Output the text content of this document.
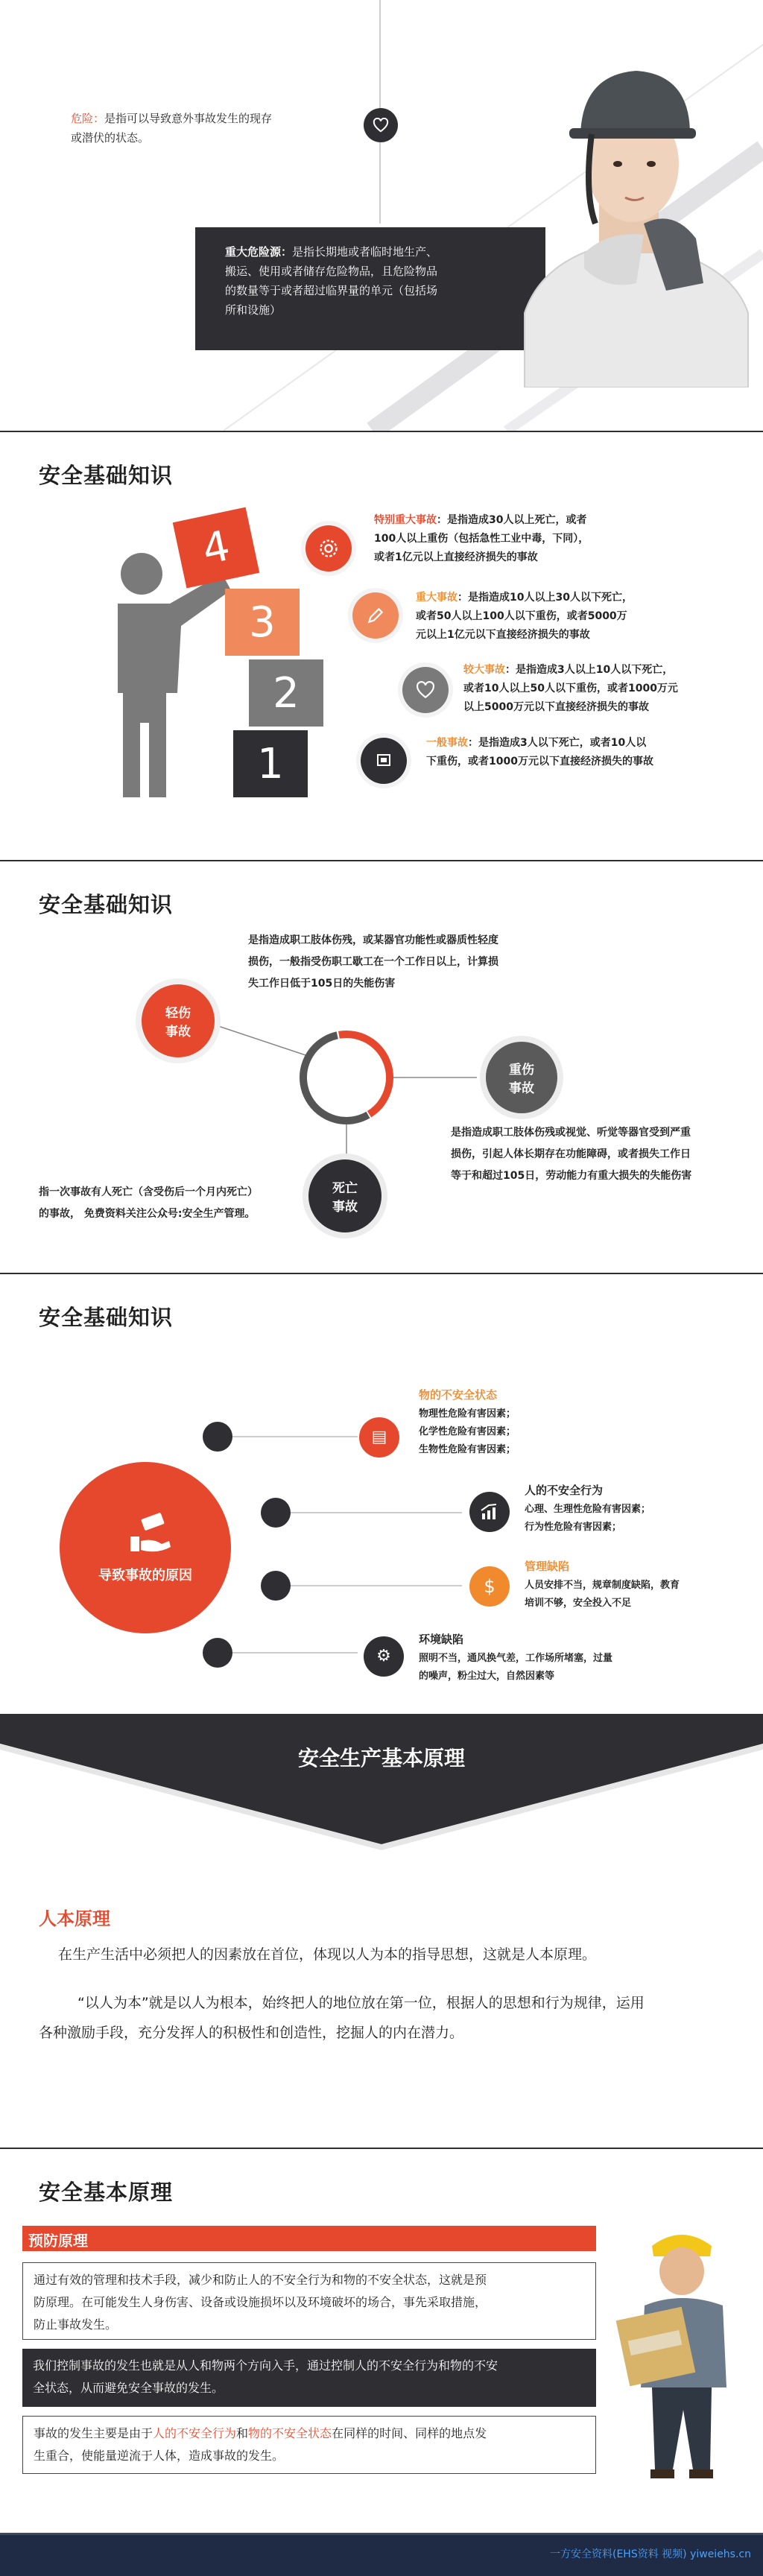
危险：是指可以导致意外事故发生的现存
或潜伏的状态。
重大危险源：是指长期地或者临时地生产、
搬运、使用或者储存危险物品，且危险物品
的数量等于或者超过临界量的单元（包括场
所和设施）
安全基础知识
4
3
2
1
特别重大事故：是指造成30人以上死亡，或者
100人以上重伤（包括急性工业中毒，下同），
或者1亿元以上直接经济损失的事故
重大事故：是指造成10人以上30人以下死亡，
或者50人以上100人以下重伤，或者5000万
元以上1亿元以下直接经济损失的事故
较大事故：是指造成3人以上10人以下死亡，
或者10人以上50人以下重伤，或者1000万元
以上5000万元以下直接经济损失的事故
一般事故：是指造成3人以下死亡，或者10人以
下重伤，或者1000万元以下直接经济损失的事故
安全基础知识
轻伤
事故
重伤
事故
死亡
事故
是指造成职工肢体伤残，或某器官功能性或器质性轻度
损伤，一般指受伤职工歇工在一个工作日以上，计算损
失工作日低于105日的失能伤害
是指造成职工肢体伤残或视觉、听觉等器官受到严重
损伤，引起人体长期存在功能障碍，或者损失工作日
等于和超过105日，劳动能力有重大损失的失能伤害
指一次事故有人死亡（含受伤后一个月内死亡）
的事故， 免费资料关注公众号:安全生产管理。
安全基础知识
导致事故的原因
▤
$
⚙
物的不安全状态
物理性危险有害因素；
化学性危险有害因素；
生物性危险有害因素；
人的不安全行为
心理、生理性危险有害因素；
行为性危险有害因素；
管理缺陷
人员安排不当，规章制度缺陷，教育
培训不够，安全投入不足
环境缺陷
照明不当，通风换气差，工作场所堵塞，过量
的噪声，粉尘过大，自然因素等
安全生产基本原理
人本原理
在生产生活中必须把人的因素放在首位，体现以人为本的指导思想，这就是人本原理。
“以人为本”就是以人为根本，始终把人的地位放在第一位，根据人的思想和行为规律，运用
各种激励手段，充分发挥人的积极性和创造性，挖掘人的内在潜力。
安全基本原理
预防原理
通过有效的管理和技术手段，减少和防止人的不安全行为和物的不安全状态，这就是预
防原理。在可能发生人身伤害、设备或设施损坏以及环境破坏的场合，事先采取措施，
防止事故发生。
我们控制事故的发生也就是从人和物两个方向入手，通过控制人的不安全行为和物的不安
全状态，从而避免安全事故的发生。
事故的发生主要是由于人的不安全行为和物的不安全状态在同样的时间、同样的地点发
生重合，使能量逆流于人体，造成事故的发生。
一方安全资料(EHS资料 视频) yiweiehs.cn
